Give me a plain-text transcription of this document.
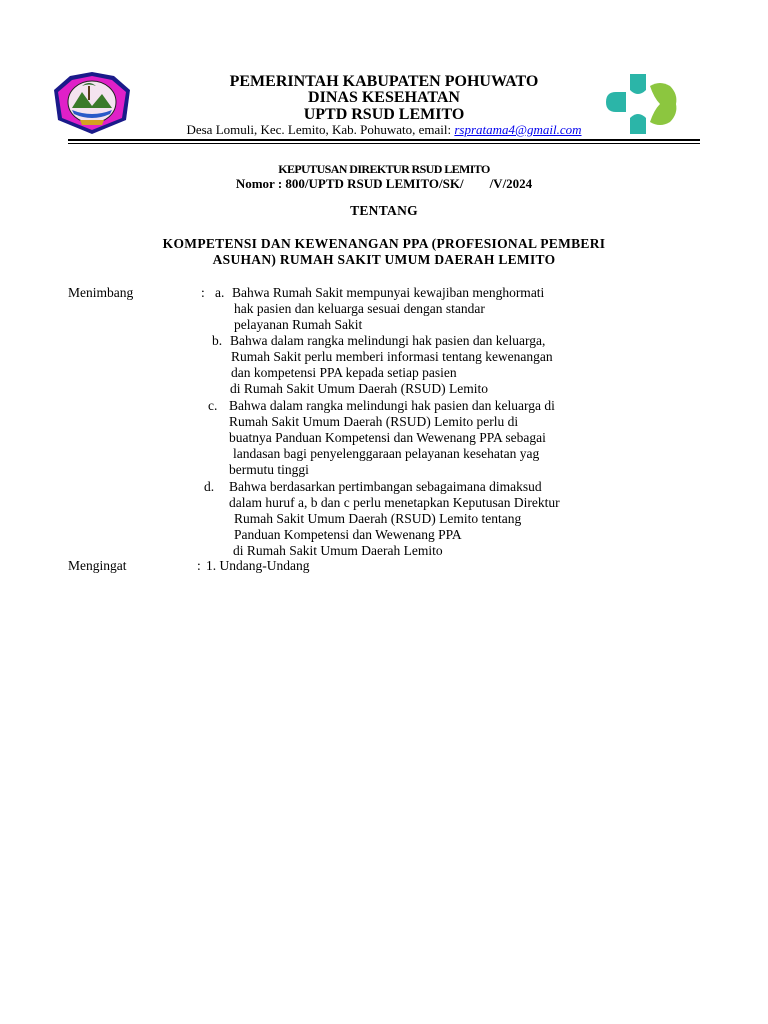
PEMERINTAH KABUPATEN POHUWATO
DINAS KESEHATAN
UPTD RSUD LEMITO
Desa Lomuli, Kec. Lemito, Kab. Pohuwato, email: rspratama4@gmail.com
KEPUTUSAN DIREKTUR RSUD LEMITO
Nomor : 800/UPTD RSUD LEMITO/SK/        /V/2024
TENTANG
KOMPETENSI DAN KEWENANGAN PPA (PROFESIONAL PEMBERI
ASUHAN) RUMAH SAKIT UMUM DAERAH LEMITO
Menimbang	: a. Bahwa Rumah Sakit mempunyai kewajiban menghormati
hak pasien dan keluarga sesuai dengan standar
pelayanan Rumah Sakit
b. Bahwa dalam rangka melindungi hak pasien dan keluarga,
Rumah Sakit perlu memberi informasi tentang kewenangan
dan kompetensi PPA kepada setiap pasien
di Rumah Sakit Umum Daerah (RSUD) Lemito
c. Bahwa dalam rangka melindungi hak pasien dan keluarga di
Rumah Sakit Umum Daerah (RSUD) Lemito perlu di
buatnya Panduan Kompetensi dan Wewenang PPA sebagai
landasan bagi penyelenggaraan pelayanan kesehatan yag
bermutu tinggi
d. Bahwa berdasarkan pertimbangan sebagaimana dimaksud
dalam huruf a, b dan c perlu menetapkan Keputusan Direktur
Rumah Sakit Umum Daerah (RSUD) Lemito tentang
Panduan Kompetensi dan Wewenang PPA
di Rumah Sakit Umum Daerah Lemito
Mengingat	: 1. Undang-Undang
